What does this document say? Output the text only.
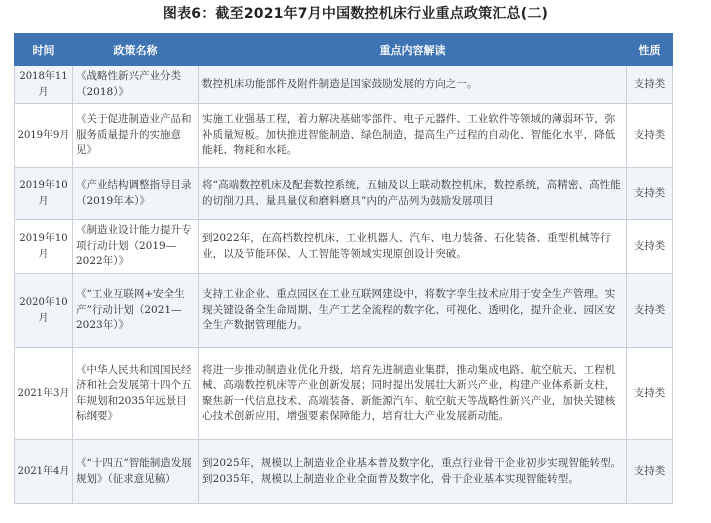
图表6：截至2021年7月中国数控机床行业重点政策汇总(二)
时间	政策名称	重点内容解读	性质
2018年11月	《战略性新兴产业分类（2018）》	数控机床功能部件及附件制造是国家鼓励发展的方向之一。	支持类
2019年9月	《关于促进制造业产品和服务质量提升的实施意见》	实施工业强基工程，着力解决基础零部件、电子元器件、工业软件等领域的薄弱环节，弥补质量短板。加快推进智能制造、绿色制造，提高生产过程的自动化、智能化水平，降低能耗、物耗和水耗。	支持类
2019年10月	《产业结构调整指导目录（2019年本）》	将“高端数控机床及配套数控系统，五轴及以上联动数控机床，数控系统，高精密、高性能的切削刀具、量具量仪和磨料磨具”内的产品列为鼓励发展项目	支持类
2019年10月	《制造业设计能力提升专项行动计划（2019—2022年）》	到2022年，在高档数控机床、工业机器人、汽车、电力装备、石化装备、重型机械等行业，以及节能环保、人工智能等领域实现原创设计突破。	支持类
2020年10月	《“工业互联网+安全生产”行动计划（2021—2023年）》	支持工业企业、重点园区在工业互联网建设中，将数字孪生技术应用于安全生产管理。实现关键设备全生命周期、生产工艺全流程的数字化、可视化、透明化，提升企业、园区安全生产数据管理能力。	支持类
2021年3月	《中华人民共和国国民经济和社会发展第十四个五年规划和2035年远景目标纲要》	将进一步推动制造业优化升级，培育先进制造业集群，推动集成电路、航空航天、工程机械、高端数控机床等产业创新发展；同时提出发展壮大新兴产业，构建产业体系新支柱，聚焦新一代信息技术、高端装备、新能源汽车、航空航天等战略性新兴产业，加快关键核心技术创新应用，增强要素保障能力，培育壮大产业发展新动能。	支持类
2021年4月	《“十四五”智能制造发展规划》（征求意见稿）	到2025年，规模以上制造业企业基本普及数字化，重点行业骨干企业初步实现智能转型。到2035年，规模以上制造业企业全面普及数字化，骨干企业基本实现智能转型。	支持类
